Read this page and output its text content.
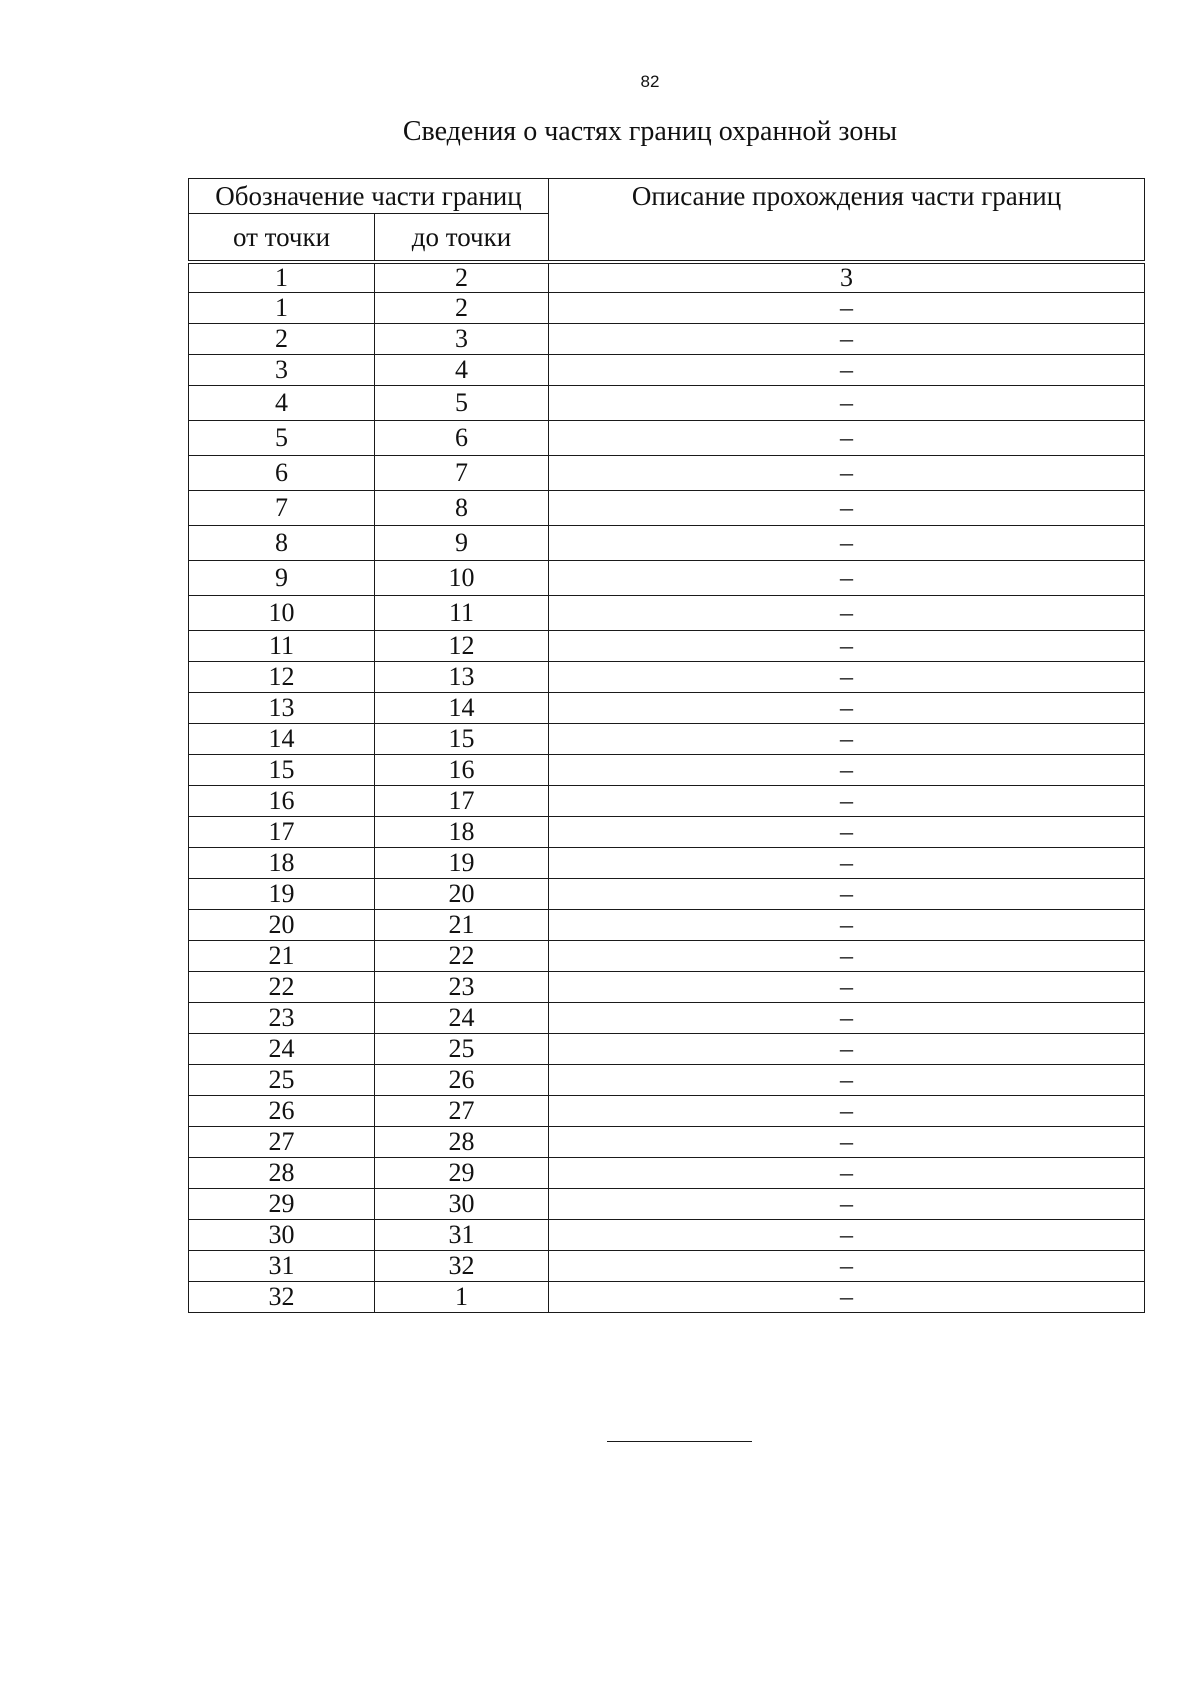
82
Сведения о частях границ охранной зоны
Обозначение части границ		Описание прохождения части границ
от точки	до точки	

1	2	3
1	2	–
2	3	–
3	4	–
4	5	–
5	6	–
6	7	–
7	8	–
8	9	–
9	10	–
10	11	–
11	12	–
12	13	–
13	14	–
14	15	–
15	16	–
16	17	–
17	18	–
18	19	–
19	20	–
20	21	–
21	22	–
22	23	–
23	24	–
24	25	–
25	26	–
26	27	–
27	28	–
28	29	–
29	30	–
30	31	–
31	32	–
32	1	–
